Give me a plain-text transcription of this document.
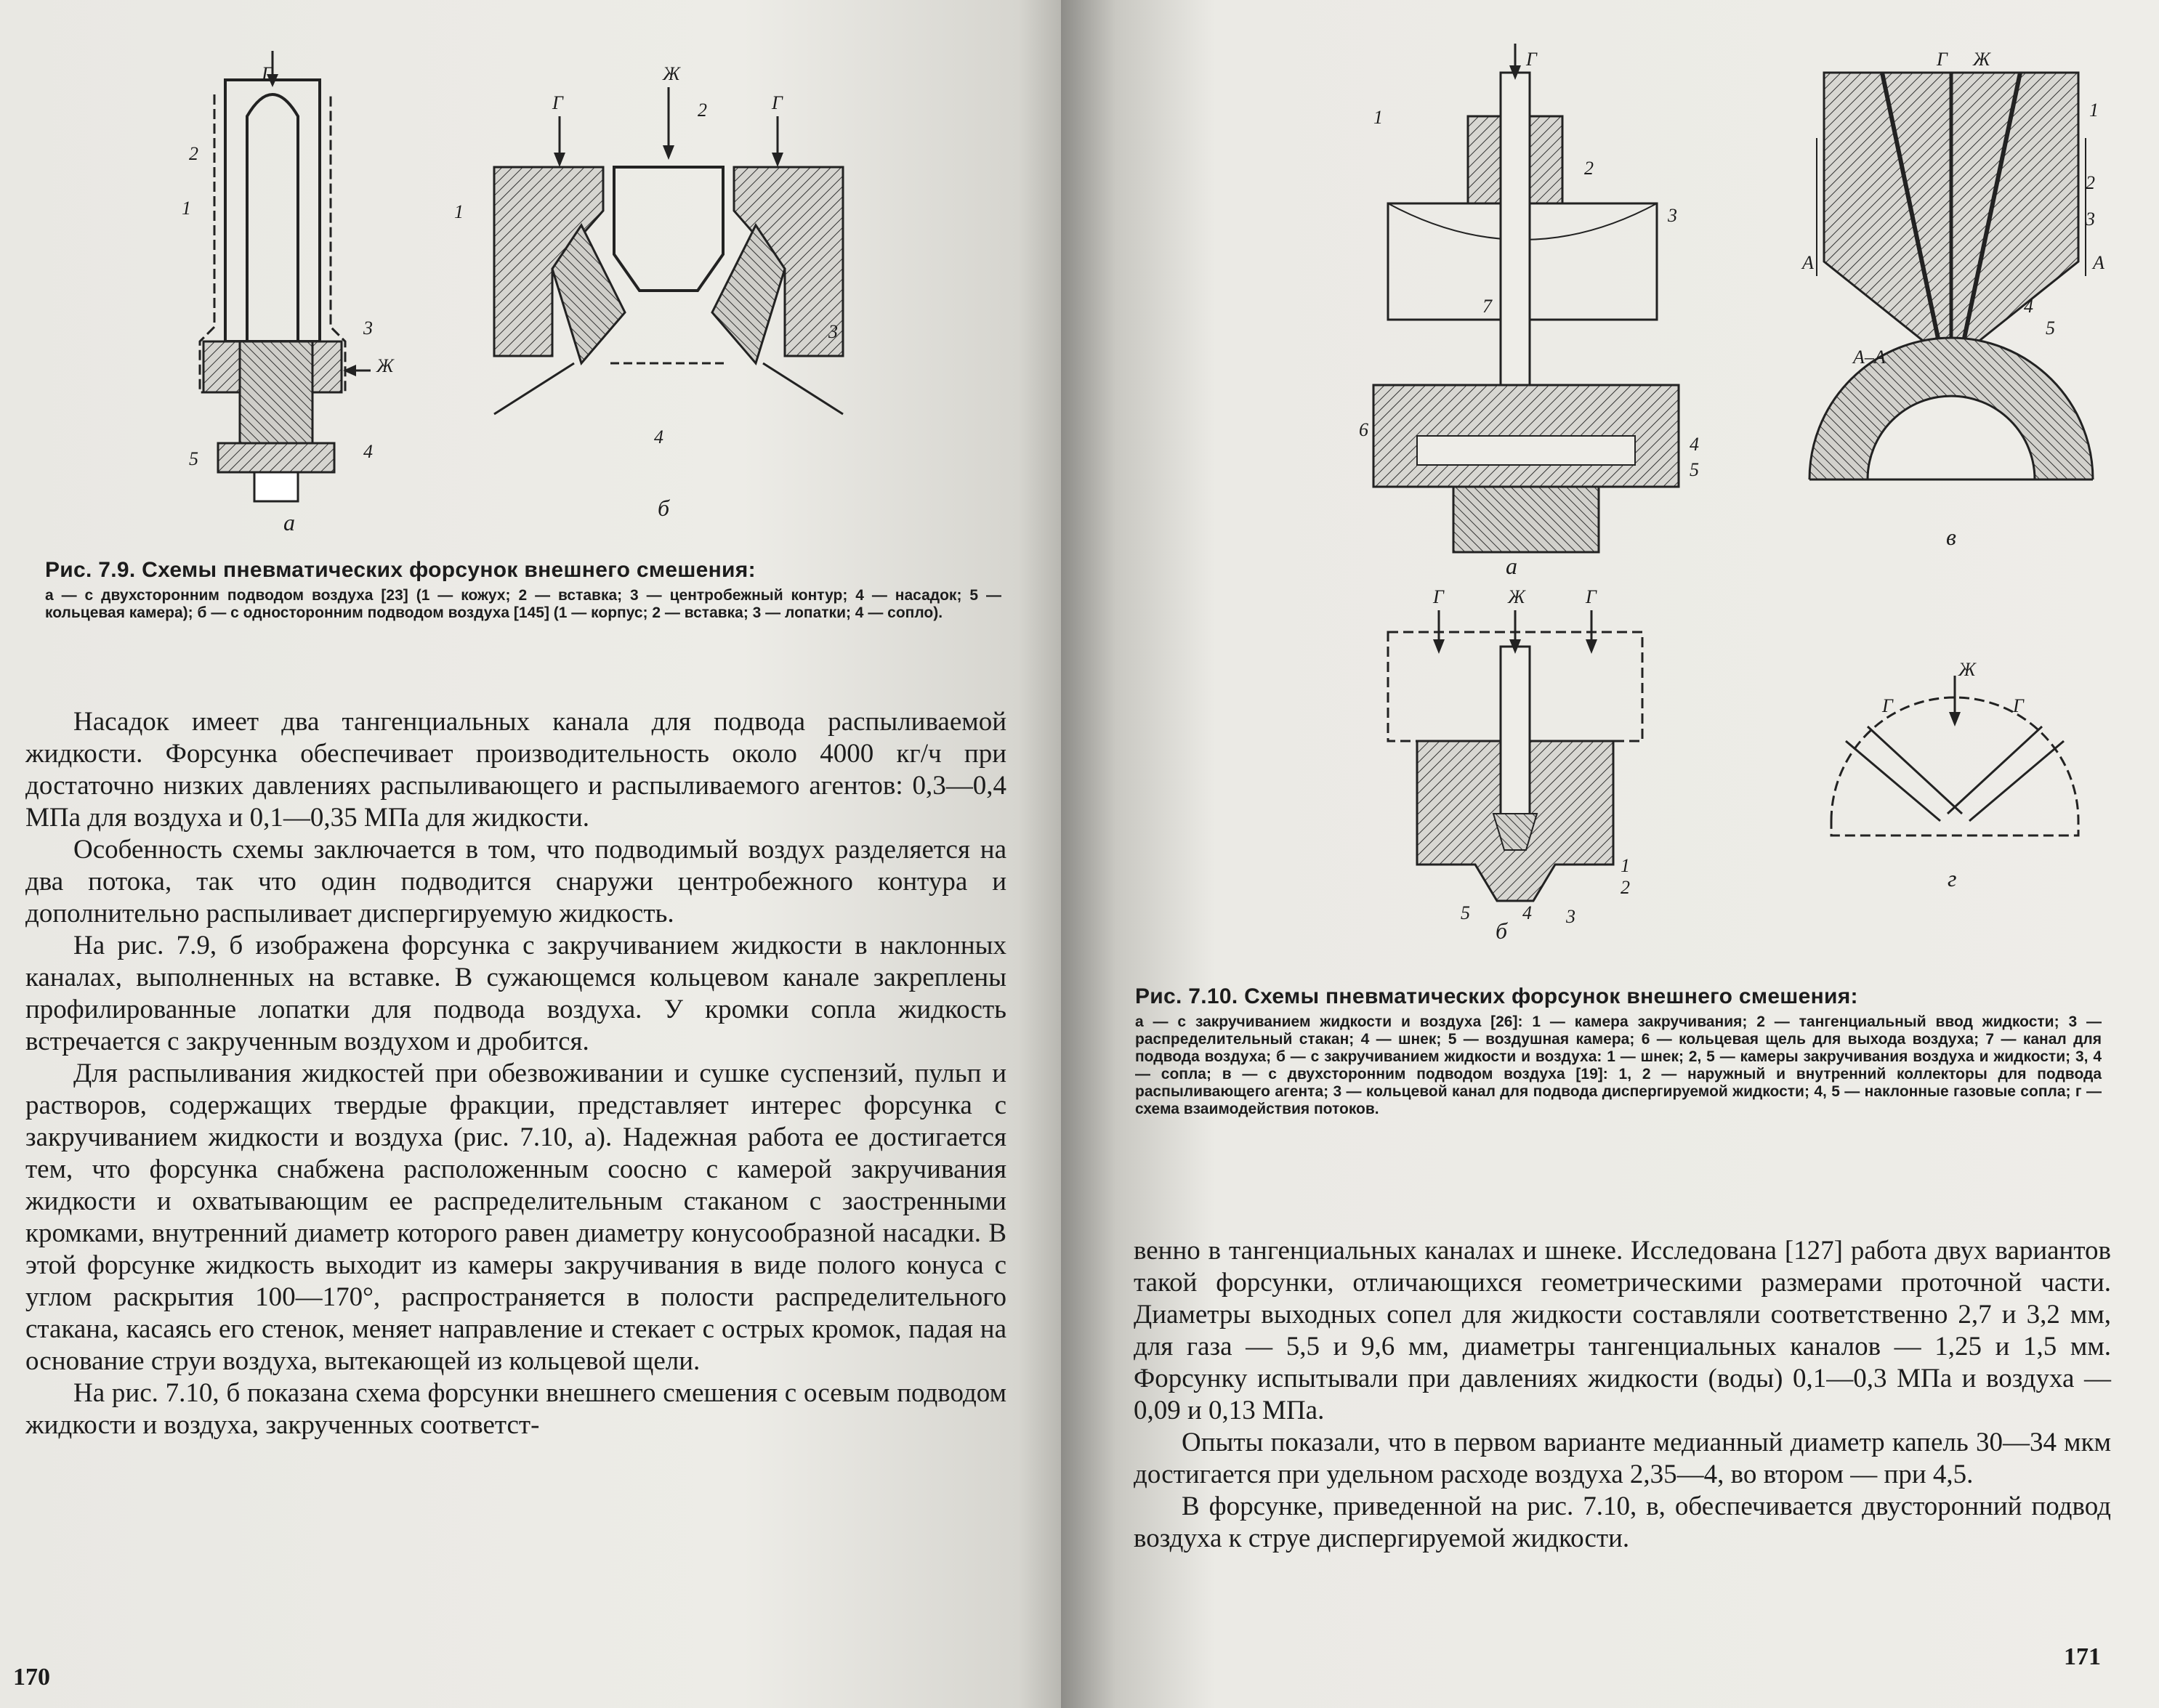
Г
2
1
3
Ж
4
5
а
Ж
Г	Г
2
1
3
4
б

Рис. 7.9. Схемы пневматических форсунок внешнего смешения:

а — с двухсторонним подводом воздуха [23] (1 — кожух; 2 — вставка; 3 — центробежный контур; 4 — насадок; 5 — кольцевая камера); б — с односторонним подводом воздуха [145] (1 — корпус; 2 — вставка; 3 — лопатки; 4 — сопло).

Насадок имеет два тангенциальных канала для подвода распыливаемой жидкости. Форсунка обеспечивает производительность около 4000 кг/ч при достаточно низких давлениях распыливающего и распыливаемого агентов: 0,3—0,4 МПа для воздуха и 0,1—0,35 МПа для жидкости.

Особенность схемы заключается в том, что подводимый воздух разделяется на два потока, так что один подводится снаружи центробежного контура и дополнительно распыливает диспергируемую жидкость.

На рис. 7.9, б изображена форсунка с закручиванием жидкости в наклонных каналах, выполненных на вставке. В сужающемся кольцевом канале закреплены профилированные лопатки для подвода воздуха. У кромки сопла жидкость встречается с закрученным воздухом и дробится.

Для распыливания жидкостей при обезвоживании и сушке суспензий, пульп и растворов, содержащих твердые фракции, представляет интерес форсунка с закручиванием жидкости и воздуха (рис. 7.10, а). Надежная работа ее достигается тем, что форсунка снабжена расположенным соосно с камерой закручивания жидкости и охватывающим ее распределительным стаканом с заостренными кромками, внутренний диаметр которого равен диаметру конусообразной насадки. В этой форсунке жидкость выходит из камеры закручивания в виде полого конуса с углом раскрытия 100—170°, распространяется в полости распределительного стакана, касаясь его стенок, меняет направление и стекает с острых кромок, падая на основание струи воздуха, вытекающей из кольцевой щели.

На рис. 7.10, б показана схема форсунки внешнего смешения с осевым подводом жидкости и воздуха, закрученных соответст-

170
Г
1
2
3
7
6
4
5
а
Г Ж
2
3
4
5
1
А	А
А–А
в
Г	Ж	Г
1
2
3
4
5
б
Г
Ж
Г
г

Рис. 7.10. Схемы пневматических форсунок внешнего смешения:

а — с закручиванием жидкости и воздуха [26]: 1 — камера закручивания; 2 — тангенциальный ввод жидкости; 3 — распределительный стакан; 4 — шнек; 5 — воздушная камера; 6 — кольцевая щель для выхода воздуха; 7 — канал для подвода воздуха; б — с закручиванием жидкости и воздуха: 1 — шнек; 2, 5 — камеры закручивания воздуха и жидкости; 3, 4 — сопла; в — с двухсторонним подводом воздуха [19]: 1, 2 — наружный и внутренний коллекторы для подвода распыливающего агента; 3 — кольцевой канал для подвода диспергируемой жидкости; 4, 5 — наклонные газовые сопла; г — схема взаимодействия потоков.

венно в тангенциальных каналах и шнеке. Исследована [127] работа двух вариантов такой форсунки, отличающихся геометрическими размерами проточной части. Диаметры выходных сопел для жидкости составляли соответственно 2,7 и 3,2 мм, для газа — 5,5 и 9,6 мм, диаметры тангенциальных каналов — 1,25 и 1,5 мм. Форсунку испытывали при давлениях жидкости (воды) 0,1—0,3 МПа и воздуха — 0,09 и 0,13 МПа.

Опыты показали, что в первом варианте медианный диаметр капель 30—34 мкм достигается при удельном расходе воздуха 2,35—4, во втором — при 4,5.

В форсунке, приведенной на рис. 7.10, в, обеспечивается двусторонний подвод воздуха к струе диспергируемой жидкости.

171
